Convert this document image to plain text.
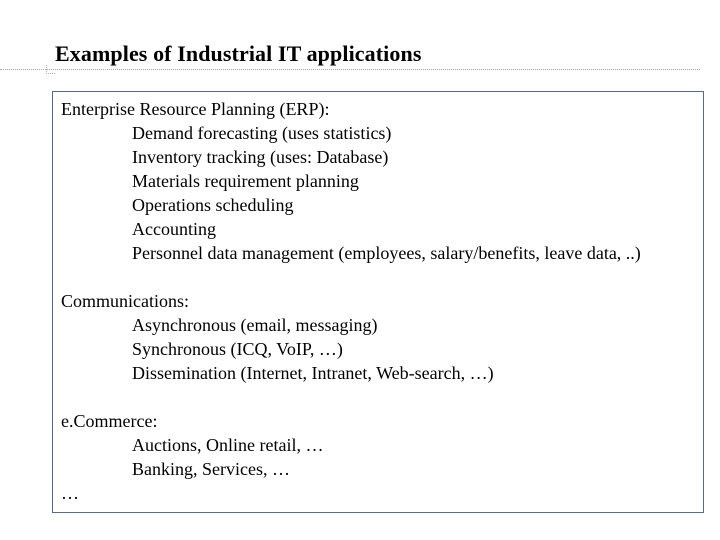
Examples of Industrial IT applications
Enterprise Resource Planning (ERP):
Demand forecasting (uses statistics)
Inventory tracking (uses: Database)
Materials requirement planning
Operations scheduling
Accounting
Personnel data management (employees, salary/benefits, leave data, ..)
Communications:
Asynchronous (email, messaging)
Synchronous (ICQ, VoIP, …)
Dissemination (Internet, Intranet, Web-search, …)
e.Commerce:
Auctions, Online retail, …
Banking, Services, …
…
